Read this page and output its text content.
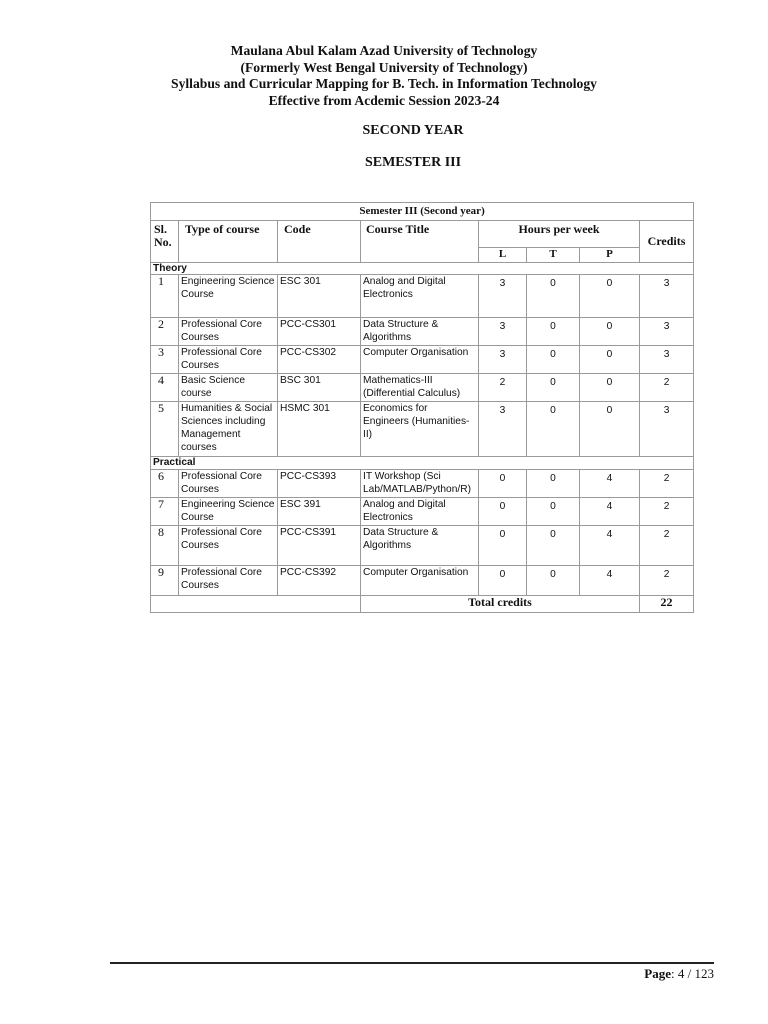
Maulana Abul Kalam Azad University of Technology
(Formerly West Bengal University of Technology)
Syllabus and Curricular Mapping for B. Tech. in Information Technology
Effective from Acdemic Session 2023-24
SECOND YEAR
SEMESTER III
Semester III (Second year)							
Sl. No.	Type of course	Code	Course Title	Hours per week			Credits
				L	T	P	
Theory							
1	Engineering Science Course	ESC 301	Analog and Digital Electronics	3	0	0	3
2	Professional Core Courses	PCC-CS301	Data Structure & Algorithms	3	0	0	3
3	Professional Core Courses	PCC-CS302	Computer Organisation	3	0	0	3
4	Basic Science course	BSC 301	Mathematics-III (Differential Calculus)	2	0	0	2
5	Humanities & Social Sciences including Management courses	HSMC 301	Economics for Engineers (Humanities-II)	3	0	0	3
Practical							
6	Professional Core Courses	PCC-CS393	IT Workshop (Sci Lab/MATLAB/Python/R)	0	0	4	2
7	Engineering Science Course	ESC 391	Analog and Digital Electronics	0	0	4	2
8	Professional Core Courses	PCC-CS391	Data Structure & Algorithms	0	0	4	2
9	Professional Core Courses	PCC-CS392	Computer Organisation	0	0	4	2
			Total credits				22
Page: 4 / 123
